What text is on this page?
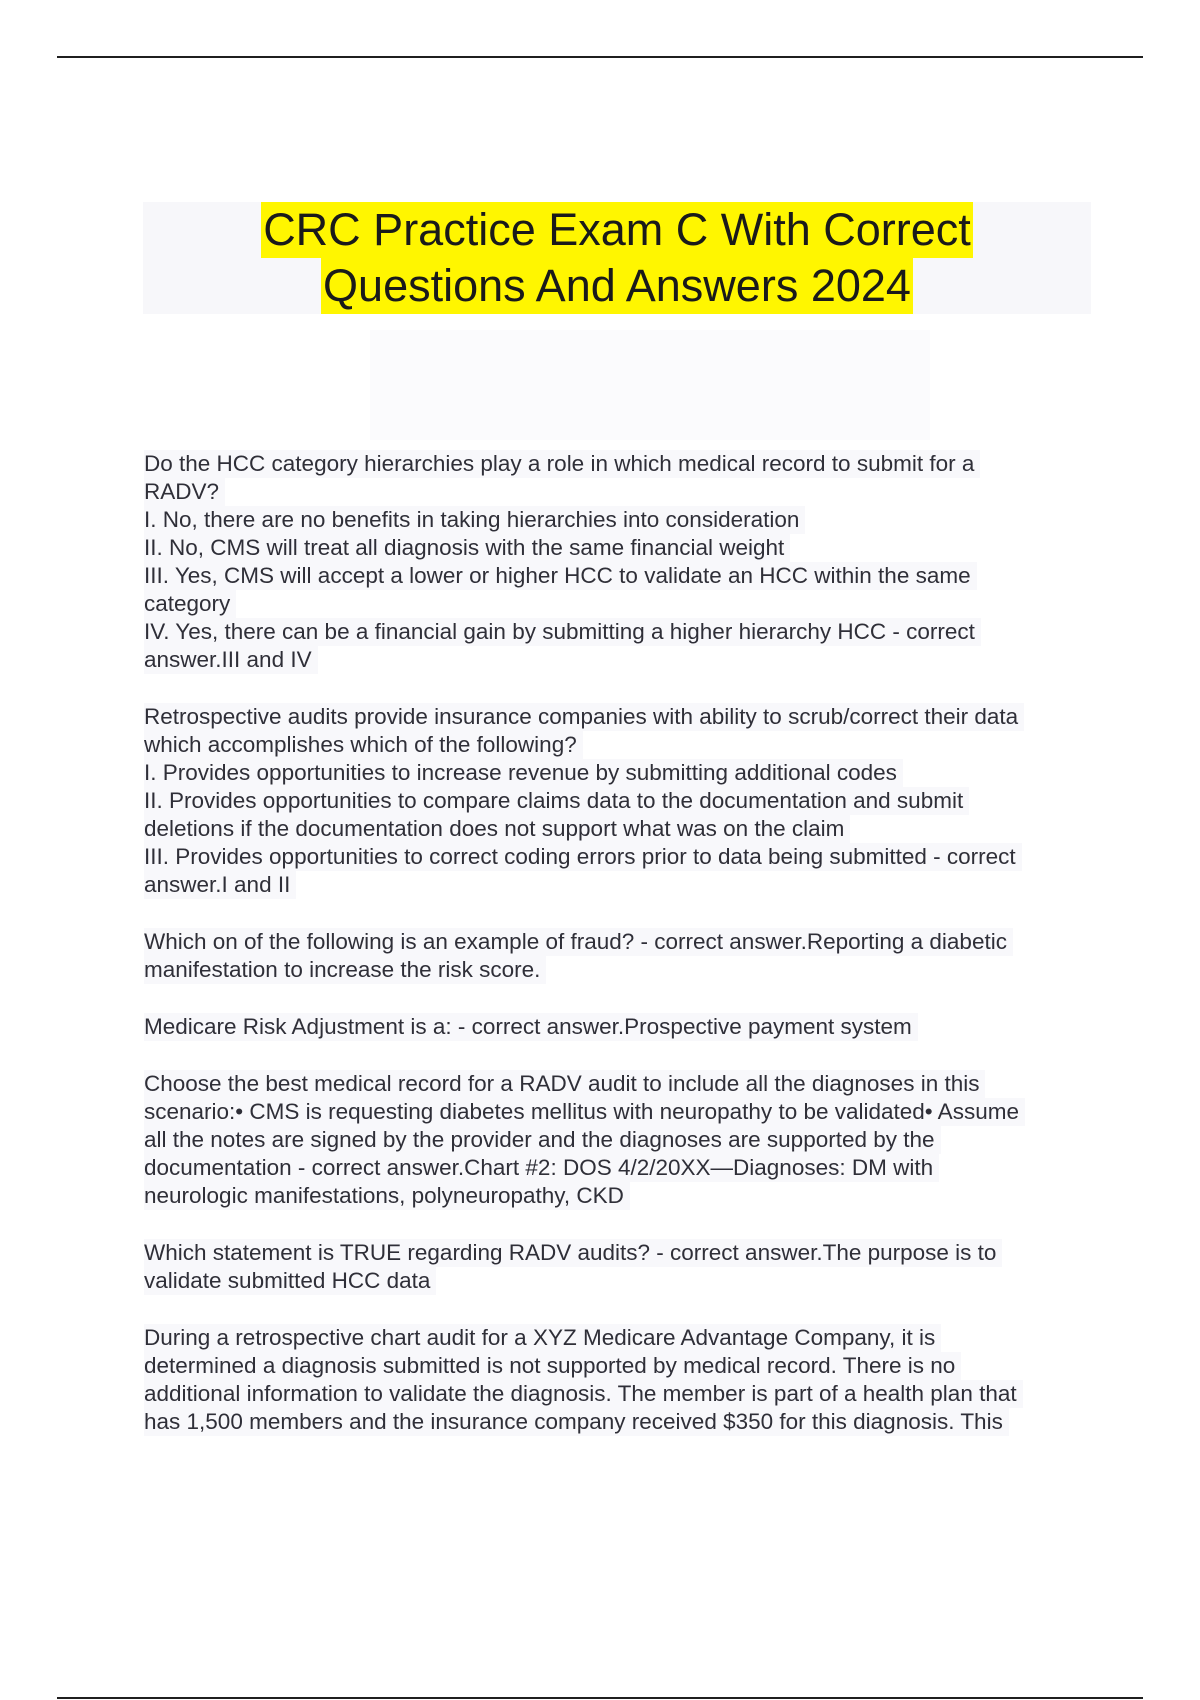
CRC Practice Exam C With Correct
Questions And Answers 2024
Do the HCC category hierarchies play a role in which medical record to submit for a
RADV?
I. No, there are no benefits in taking hierarchies into consideration
II. No, CMS will treat all diagnosis with the same financial weight
III. Yes, CMS will accept a lower or higher HCC to validate an HCC within the same
category
IV. Yes, there can be a financial gain by submitting a higher hierarchy HCC - correct
answer.III and IV
Retrospective audits provide insurance companies with ability to scrub/correct their data
which accomplishes which of the following?
I. Provides opportunities to increase revenue by submitting additional codes
II. Provides opportunities to compare claims data to the documentation and submit
deletions if the documentation does not support what was on the claim
III. Provides opportunities to correct coding errors prior to data being submitted - correct
answer.I and II
Which on of the following is an example of fraud? - correct answer.Reporting a diabetic
manifestation to increase the risk score.
Medicare Risk Adjustment is a: - correct answer.Prospective payment system
Choose the best medical record for a RADV audit to include all the diagnoses in this
scenario:• CMS is requesting diabetes mellitus with neuropathy to be validated• Assume
all the notes are signed by the provider and the diagnoses are supported by the
documentation - correct answer.Chart #2: DOS 4/2/20XX—Diagnoses: DM with
neurologic manifestations, polyneuropathy, CKD
Which statement is TRUE regarding RADV audits? - correct answer.The purpose is to
validate submitted HCC data
During a retrospective chart audit for a XYZ Medicare Advantage Company, it is
determined a diagnosis submitted is not supported by medical record. There is no
additional information to validate the diagnosis. The member is part of a health plan that
has 1,500 members and the insurance company received $350 for this diagnosis. This
